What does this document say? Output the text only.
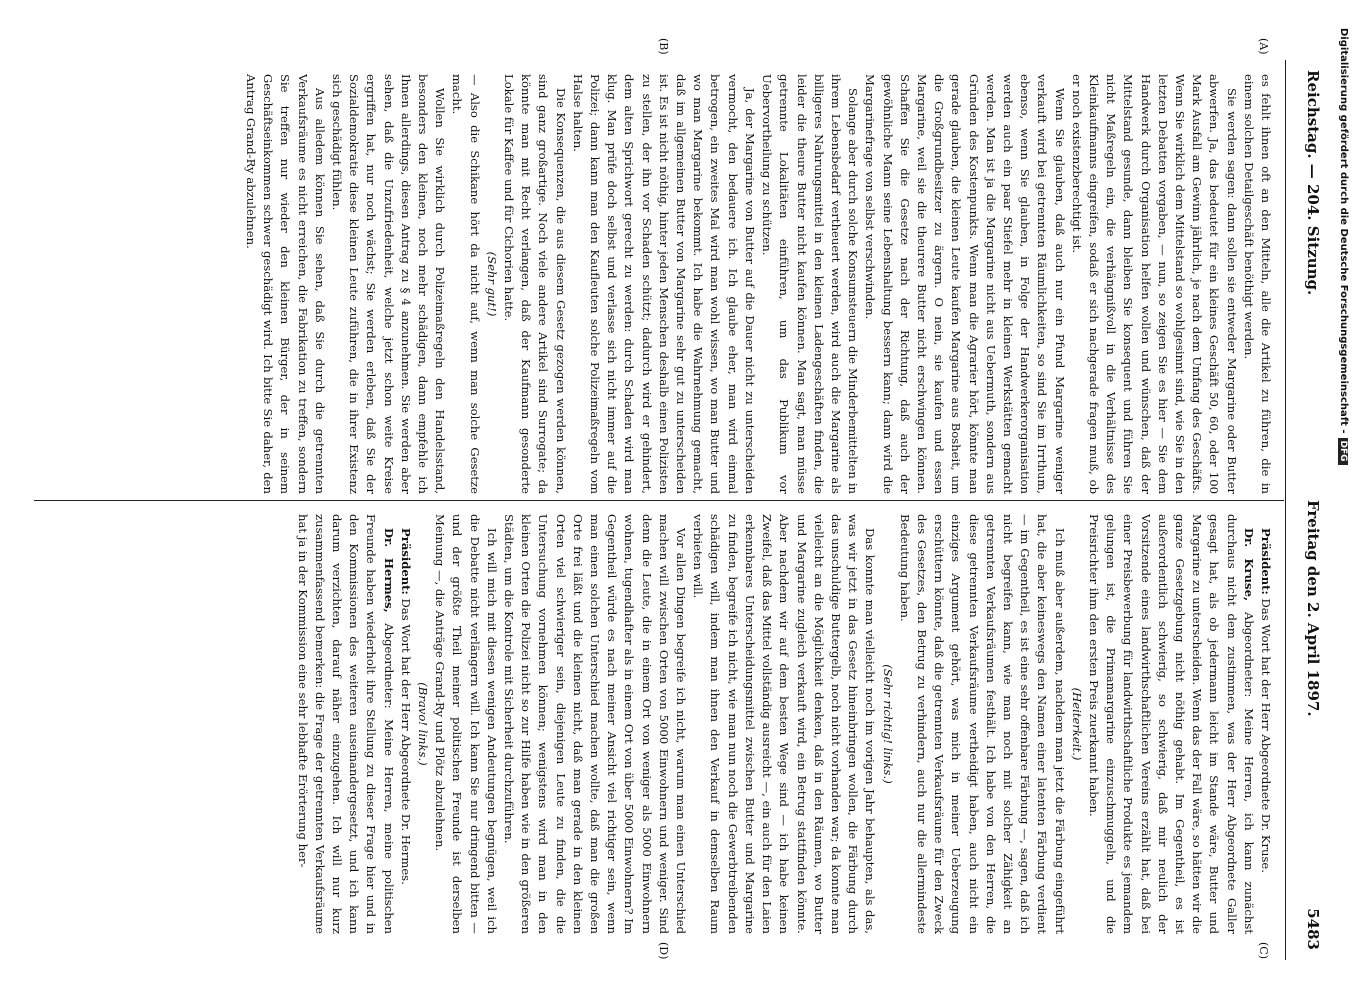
Reichstag. — 204. Sitzung.
Freitag den 2. April 1897.
5483
(A)
(B)
(C)
(D)

es fehlt ihnen oft an den Mitteln, alle die Artikel zu führen, die in einem solchen Detailgeschäft benöthigt werden.

Sie werden sagen: dann sollen sie entweder Margarine oder Butter abwerfen. Ja, das bedeutet für ein kleines Geschäft 50, 60, oder 100 Mark Ausfall am Gewinn jährlich, je nach dem Umfang des Geschäfts. Wenn Sie wirklich dem Mittelstand so wohlgesinnt sind, wie Sie in den letzten Debatten vorgaben, — nun, so zeigen Sie es hier — Sie dem Handwerk durch Organisation helfen wollen und wünschen, daß der Mittelstand gesunde, dann bleiben Sie konsequent und führen Sie nicht Maßregeln ein, die verhängnißvoll in die Verhältnisse des Kleinkaufmanns eingreifen, sodaß er sich nachgerade fragen muß, ob er noch existenzberechtigt ist.

Wenn Sie glauben, daß auch nur ein Pfund Margarine weniger verkauft wird bei getrennten Räumlichkeiten, so sind Sie im Irrthum, ebenso, wenn Sie glauben, in Folge der Handwerkerorganisation werden auch ein paar Stiefel mehr in kleinen Werkstätten gemacht werden. Man ist ja die Margarine nicht aus Uebermuth, sondern aus Gründen des Kostenpunkts. Wenn man die Agrarier hört, könnte man gerade glauben, die kleinen Leute kaufen Margarine aus Bosheit, um die Großgrundbesitzer zu ärgern. O nein, sie kaufen und essen Margarine, weil sie die theurere Butter nicht erschwingen können. Schaffen Sie die Gesetze nach der Richtung, daß auch der gewöhnliche Mann seine Lebenshaltung bessern kann; dann wird die Margarinefrage von selbst verschwinden.

Solange aber durch solche Konsumsteuern die Minderbemittelten in ihrem Lebensbedarf vertheuert werden, wird auch die Margarine als billigeres Nahrungsmittel in den kleinen Ladengeschäften finden, die leider die theure Butter nicht kaufen können. Man sagt, man müsse getrennte Lokalitäten einführen, um das Publikum vor Uebervortheilung zu schützen.

Ja, der Margarine von Butter auf die Dauer nicht zu unterscheiden vermocht, den bedauere ich. Ich glaube eher, man wird einmal betrogen, ein zweites Mal wird man wohl wissen, wo man Butter und wo man Margarine bekommt. Ich habe die Wahrnehmung gemacht, daß im allgemeinen Butter von Margarine sehr gut zu unterscheiden ist. Es ist nicht nöthig, hinter jeden Menschen deshalb einen Polizisten zu stellen, der ihn vor Schaden schützt; dadurch wird er gehindert, dem alten Sprichwort gerecht zu werden: durch Schaden wird man klug. Man prüfe doch selbst und verlasse sich nicht immer auf die Polizei; dann kann man den Kaufleuten solche Polizeimaßregeln vom Halse halten.

Die Konsequenzen, die aus diesem Gesetz gezogen werden können, sind ganz großartige. Noch viele andere Artikel sind Surrogate; da könnte man mit Recht verlangen, daß der Kaufmann gesonderte Lokale für Kaffee und für Cichorien hatte.

(Sehr gut!)

— Also die Schikane hört da nicht auf, wenn man solche Gesetze macht.

Wollen Sie wirklich durch Polizeimaßregeln den Handelsstand, besonders den kleinen, noch mehr schädigen, dann empfehle ich Ihnen allerdings, diesen Antrag zu § 4 anzunehmen. Sie werden aber sehen, daß die Unzufriedenheit, welche jetzt schon weite Kreise ergriffen hat, nur noch wächst; Sie werden erleben, daß Sie der Sozialdemokratie diese kleinen Leute zuführen, die in ihrer Existenz sich geschädigt fühlen.

Aus alledem können Sie sehen, daß Sie durch die getrennten Verkaufsräume es nicht erreichen, die Fabrikation zu treffen, sondern Sie treffen nur wieder den kleinen Bürger, der in seinem Geschäftseinkommen schwer geschädigt wird. Ich bitte Sie daher, den Antrag Grand-Ry abzulehnen.

Präsident: Das Wort hat der Herr Abgeordnete Dr. Kruse.

Dr. Kruse, Abgeordneter: Meine Herren, ich kann zunächst durchaus nicht dem zustimmen, was der Herr Abgeordnete Galler gesagt hat, als ob jedermann leicht im Stande wäre, Butter und Margarine zu unterscheiden. Wenn das der Fall wäre, so hätten wir die ganze Gesetzgebung nicht nöthig gehabt. Im Gegentheil, es ist außerordentlich schwierig, so schwierig, daß mir neulich der Vorsitzende eines landwirthschaftlichen Vereins erzählt hat, daß bei einer Preisbewerbung für landwirthschaftliche Produkte es jemandem gelungen ist, die Primamargarine einzuschmuggeln, und die Preisrichter ihm den ersten Preis zuerkannt haben.

(Heiterkeit.)

Ich muß aber außerdem, nachdem man jetzt die Färbung eingeführt hat, die aber keineswegs den Namen einer latenten Färbung verdient — im Gegentheil, es ist eine sehr offenbare Färbung —, sagen, daß ich nicht begreifen kann, wie man noch mit solcher Zähigkeit an getrennten Verkaufsräumen festhält. Ich habe von den Herren, die diese getrennten Verkaufsräume vertheidigt haben, auch nicht ein einziges Argument gehört, was mich in meiner Ueberzeugung erschüttern könnte, daß die getrennten Verkaufsräume für den Zweck des Gesetzes, den Betrug zu verhindern, auch nur die allermindeste Bedeutung haben.

(Sehr richtig! links.)

Das konnte man vielleicht noch im vorigen Jahr behaupten, als das, was wir jetzt in das Gesetz hineinbringen wollen, die Färbung durch das unschuldige Buttergelb, noch nicht vorhanden war; da konnte man vielleicht an die Möglichkeit denken, daß in den Räumen, wo Butter und Margarine zugleich verkauft wird, ein Betrug stattfinden könnte. Aber nachdem wir auf dem besten Wege sind — ich habe keinen Zweifel, daß das Mittel vollständig ausreicht —, ein auch für den Laien erkennbares Unterscheidungsmittel zwischen Butter und Margarine zu finden, begreife ich nicht, wie man nun noch die Gewerbtreibenden schädigen will, indem man ihnen den Verkauf in demselben Raum verbieten will.

Vor allen Dingen begreife ich nicht, warum man einen Unterschied machen will zwischen Orten von 5000 Einwohnern und weniger. Sind denn die Leute, die in einem Ort von weniger als 5000 Einwohnern wohnen, tugendhafter als in einem Ort von über 5000 Einwohnern? Im Gegentheil würde es nach meiner Ansicht viel richtiger sein, wenn man einen solchen Unterschied machen wollte, daß man die großen Orte frei läßt und die kleinen nicht, daß man gerade in den kleinen Orten viel schwieriger sein, diejenigen Leute zu finden, die die Untersuchung vornehmen können; wenigstens wird man in den kleinen Orten die Polizei nicht so zur Hilfe haben wie in den größeren Städten, um die Kontrole mit Sicherheit durchzuführen.

Ich will mich mit diesen wenigen Andeutungen begnügen, weil ich die Debatte nicht verlängern will. Ich kann Sie nur dringend bitten — und der größte Theil meiner politischen Freunde ist derselben Meinung —, die Anträge Grand-Ry und Plötz abzulehnen.

(Bravo! links.)

Präsident: Das Wort hat der Herr Abgeordnete Dr. Hermes.

Dr. Hermes, Abgeordneter: Meine Herren, meine politischen Freunde haben wiederholt ihre Stellung zu dieser Frage hier und in den Kommissionen des weiteren auseinandergesetzt, und ich kann darum verzichten, darauf näher einzugehen. Ich will nur kurz zusammenfassend bemerken: die Frage der getrennten Verkaufsräume hat ja in der Kommission eine sehr lebhafte Erörterung her-

Digitalisierung gefördert durch die Deutsche Forschungsgemeinschaft -DFG
